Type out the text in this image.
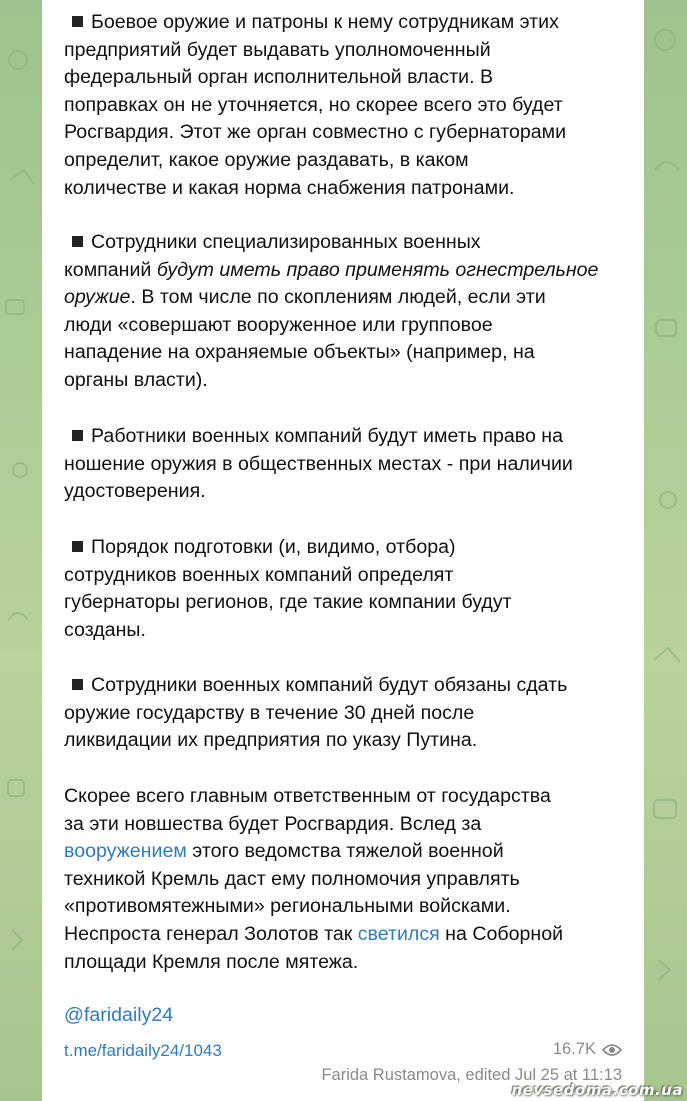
Боевое оружие и патроны к нему сотрудникам этих
предприятий будет выдавать уполномоченный
федеральный орган исполнительной власти. В
поправках он не уточняется, но скорее всего это будет
Росгвардия. Этот же орган совместно с губернаторами
определит, какое оружие раздавать, в каком
количестве и какая норма снабжения патронами.

Сотрудники специализированных военных
компаний будут иметь право применять огнестрельное
оружие. В том числе по скоплениям людей, если эти
люди «совершают вооруженное или групповое
нападение на охраняемые объекты» (например, на
органы власти).

Работники военных компаний будут иметь право на
ношение оружия в общественных местах - при наличии
удостоверения.

Порядок подготовки (и, видимо, отбора)
сотрудников военных компаний определят
губернаторы регионов, где такие компании будут
созданы.

Сотрудники военных компаний будут обязаны сдать
оружие государству в течение 30 дней после
ликвидации их предприятия по указу Путина.

Скорее всего главным ответственным от государства
за эти новшества будет Росгвардия. Вслед за
вооружением этого ведомства тяжелой военной
техникой Кремль даст ему полномочия управлять
«противомятежными» региональными войсками.
Неспроста генерал Золотов так светился на Соборной
площади Кремля после мятежа.

@faridaily24
t.me/faridaily24/1043	16.7K
Farida Rustamova, edited Jul 25 at 11:13
nevsedoma.com.ua
